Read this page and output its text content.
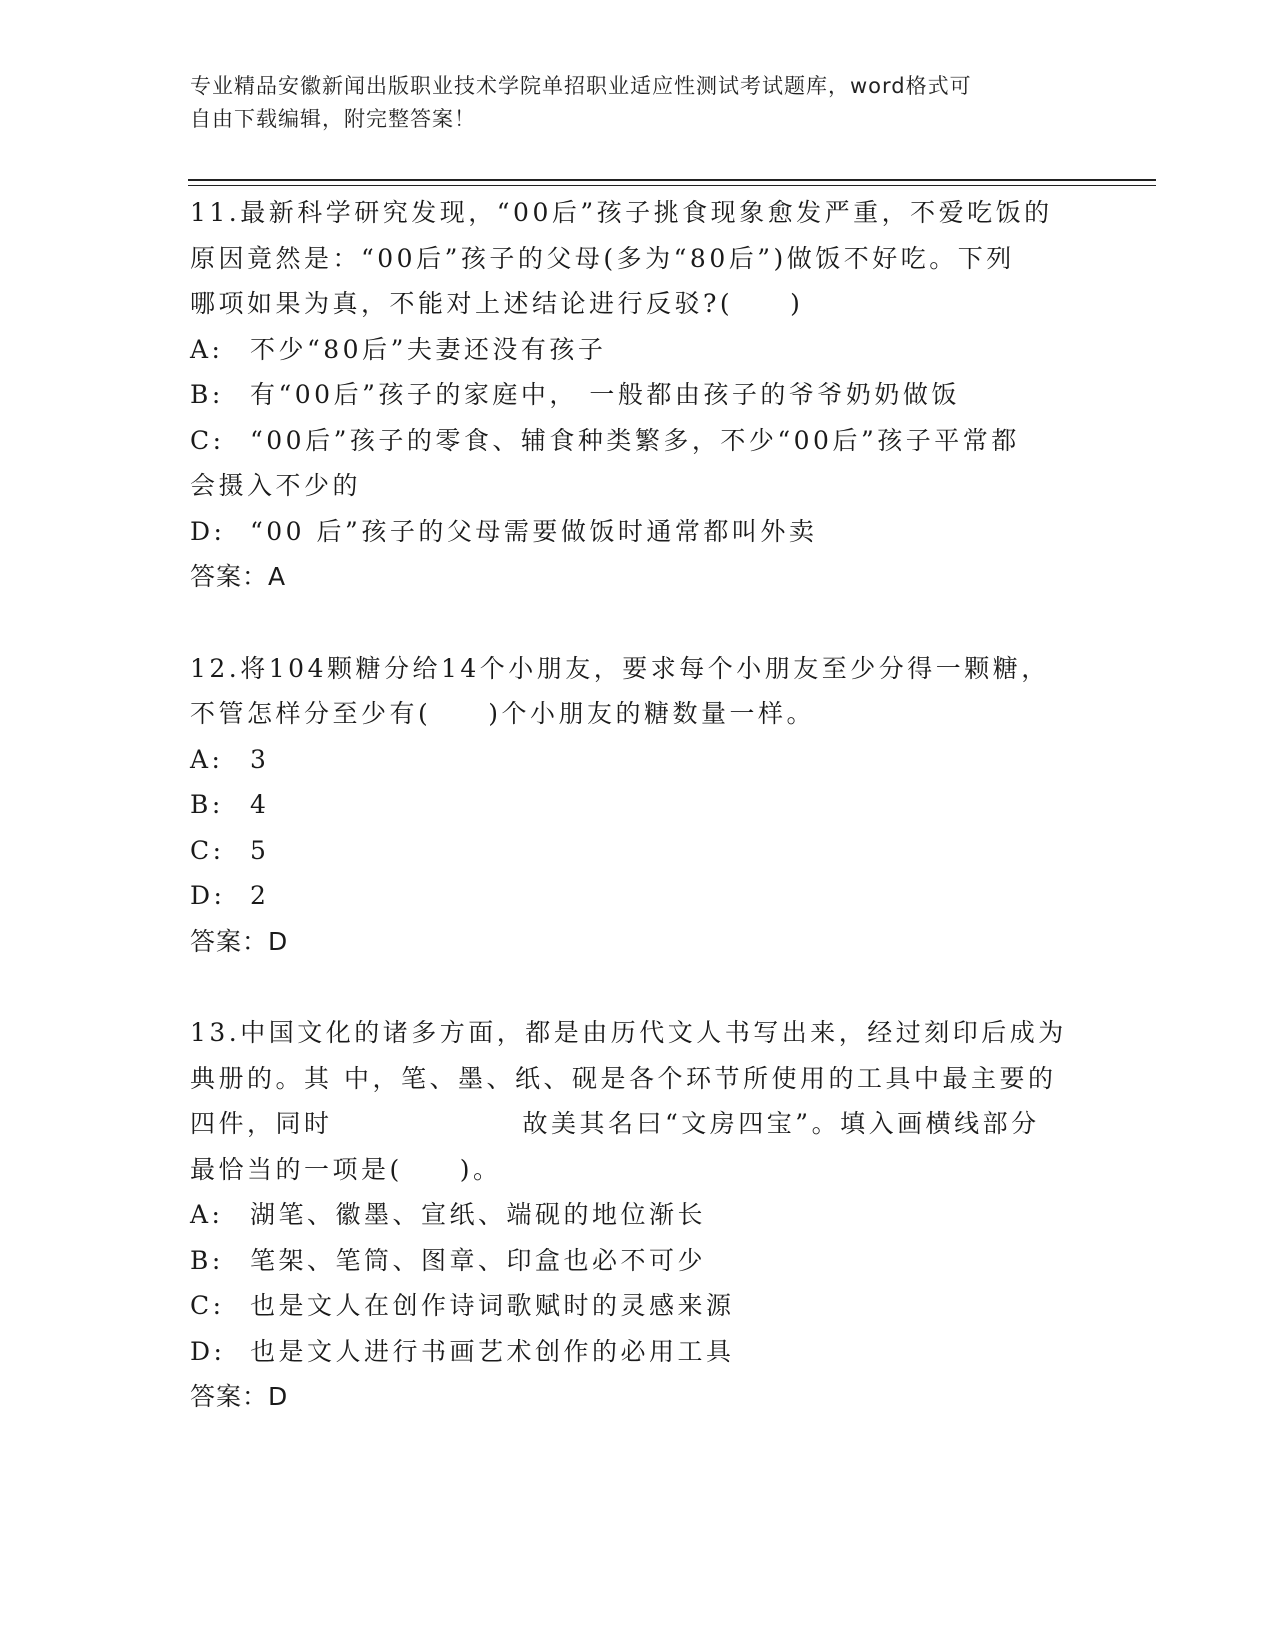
专业精品安徽新闻出版职业技术学院单招职业适应性测试考试题库，word格式可
自由下载编辑，附完整答案！
11.最新科学研究发现，“00后”孩子挑食现象愈发严重，不爱吃饭的
原因竟然是：“00后”孩子的父母(多为“80后”)做饭不好吃。下列
哪项如果为真，不能对上述结论进行反驳?(　　)
A:	不少“80后”夫妻还没有孩子
B:	有“00后”孩子的家庭中， 一般都由孩子的爷爷奶奶做饭
C:	“00后”孩子的零食、辅食种类繁多，不少“00后”孩子平常都
会摄入不少的
D: “00 后”孩子的父母需要做饭时通常都叫外卖
答案：A
12.将104颗糖分给14个小朋友，要求每个小朋友至少分得一颗糖，
不管怎样分至少有(　　)个小朋友的糖数量一样。
A:	3
B:	4
C:	5
D: 2
答案：D
13.中国文化的诸多方面，都是由历代文人书写出来，经过刻印后成为
典册的。其 中，笔、墨、纸、砚是各个环节所使用的工具中最主要的
四件，同时	故美其名曰“文房四宝”。填入画横线部分
最恰当的一项是(　　)。
A:	湖笔、徽墨、宣纸、端砚的地位渐长
B:	笔架、笔筒、图章、印盒也必不可少
C:	也是文人在创作诗词歌赋时的灵感来源
D: 也是文人进行书画艺术创作的必用工具
答案：D
